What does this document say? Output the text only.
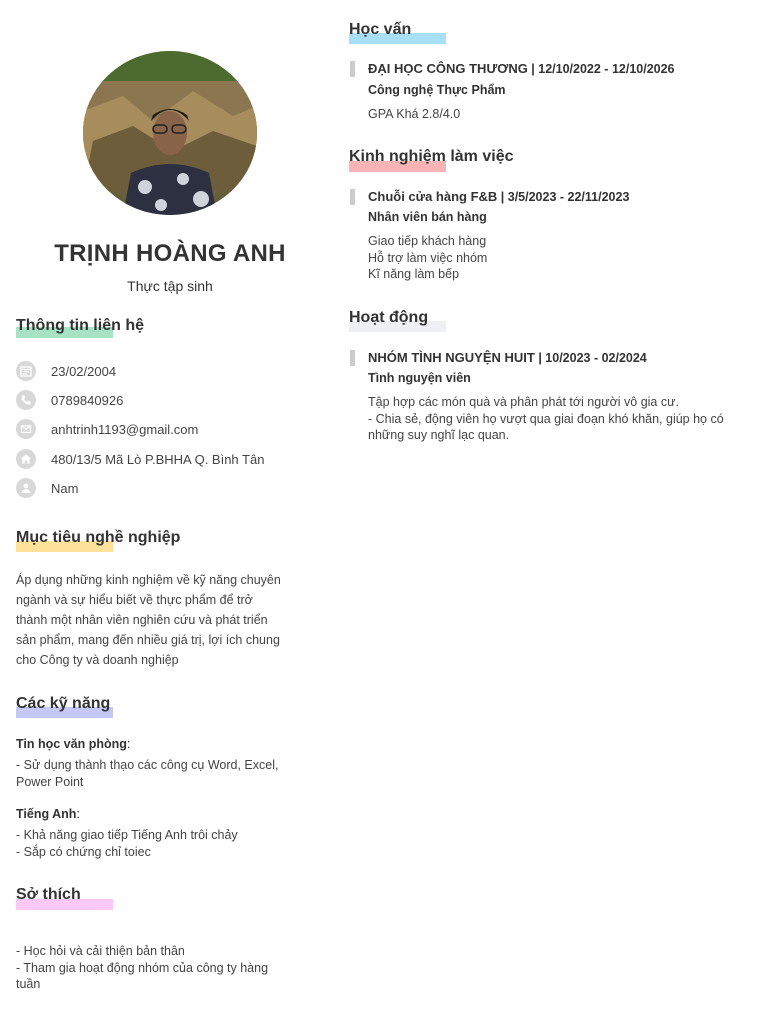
TRỊNH HOÀNG ANH
Thực tập sinh
Thông tin liên hệ
23/02/2004
0789840926
anhtrinh1193@gmail.com
480/13/5 Mã Lò P.BHHA Q. Bình Tân
Nam
Mục tiêu nghề nghiệp
Áp dụng những kinh nghiệm về kỹ năng chuyên
ngành và sự hiểu biết về thực phẩm để trở
thành một nhân viên nghiên cứu và phát triển
sản phẩm, mang đến nhiều giá trị, lợi ích chung
cho Công ty và doanh nghiệp
Các kỹ năng
Tin học văn phòng:
- Sử dụng thành thạo các công cụ Word, Excel,
Power Point
Tiếng Anh:
- Khả năng giao tiếp Tiếng Anh trôi chảy
- Sắp có chứng chỉ toiec
Sở thích
- Học hỏi và cải thiện bản thân
- Tham gia hoạt động nhóm của công ty hàng
tuần
Học vấn
ĐẠI HỌC CÔNG THƯƠNG | 12/10/2022 - 12/10/2026
Công nghệ Thực Phẩm
GPA Khá 2.8/4.0
Kinh nghiệm làm việc
Chuỗi cửa hàng F&B | 3/5/2023 - 22/11/2023
Nhân viên bán hàng
Giao tiếp khách hàng
Hỗ trợ làm việc nhóm
Kĩ năng làm bếp
Hoạt động
NHÓM TÌNH NGUYỆN HUIT | 10/2023 - 02/2024
Tình nguyện viên
Tập hợp các món quà và phân phát tới người vô gia cư.
- Chia sẻ, động viên họ vượt qua giai đoạn khó khăn, giúp họ có
những suy nghĩ lạc quan.
